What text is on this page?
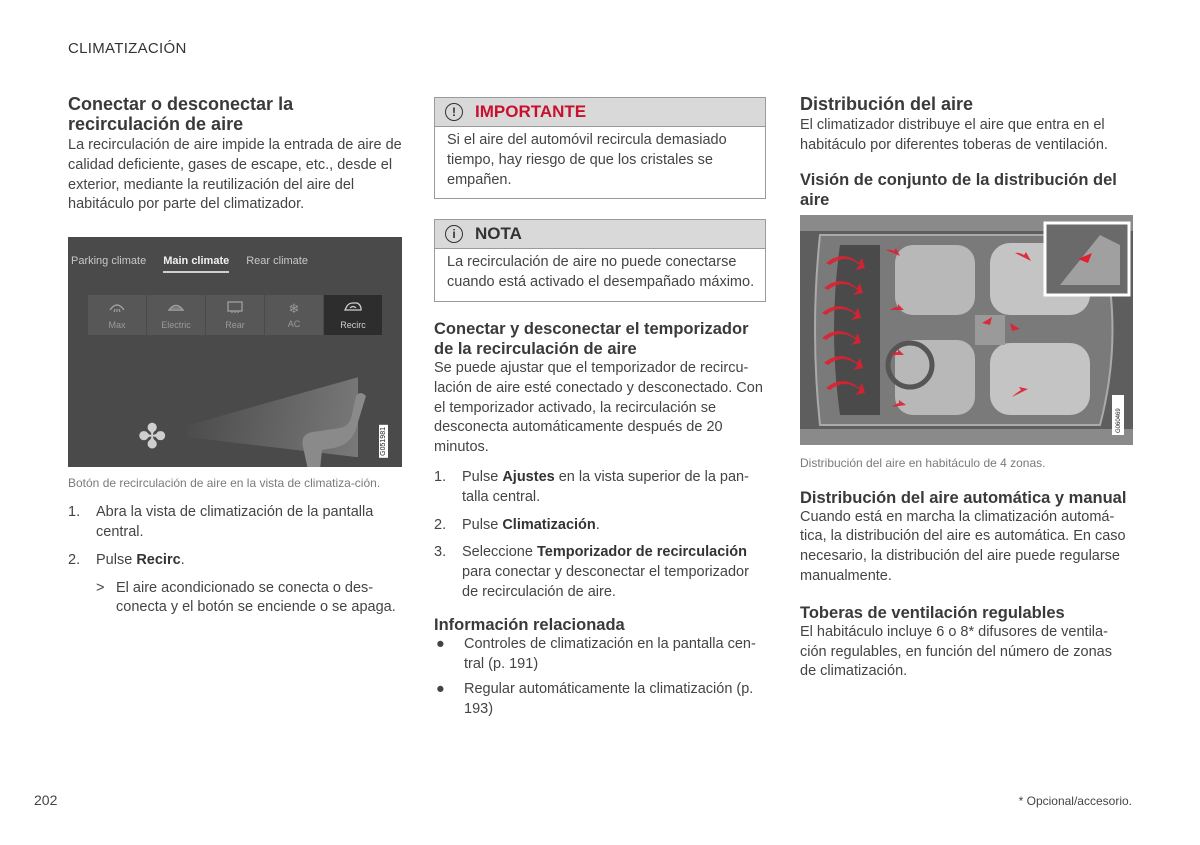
CLIMATIZACIÓN
Conectar o desconectar la recirculación de aire

La recirculación de aire impide la entrada de aire de calidad deficiente, gases de escape, etc., desde el exterior, mediante la reutilización del aire del habitáculo por parte del climatizador.

Parking climate Main climate Rear climate
Max	Electric	Rear
❄
AC	Recirc
✤	G051981
Botón de recirculación de aire en la vista de climatiza-ción.
1.	Abra la vista de climatización de la pantalla central.
2.	Pulse Recirc.
> El aire acondicionado se conecta o des-conecta y el botón se enciende o se apaga.
!	IMPORTANTE
Si el aire del automóvil recircula demasiado tiempo, hay riesgo de que los cristales se empañen.
i	NOTA
La recirculación de aire no puede conectarse cuando está activado el desempañado máximo.
Conectar y desconectar el temporizador de la recirculación de aire

Se puede ajustar que el temporizador de recircu-lación de aire esté conectado y desconectado. Con el temporizador activado, la recirculación se desconecta automáticamente después de 20 minutos.

1.	Pulse Ajustes en la vista superior de la pan-talla central.
2.	Pulse Climatización.
3.	Seleccione Temporizador de recirculación para conectar y desconectar el temporizador de recirculación de aire.
Información relacionada
●	Controles de climatización en la pantalla cen-tral (p. 191)
●	Regular automáticamente la climatización (p. 193)
Distribución del aire

El climatizador distribuye el aire que entra en el habitáculo por diferentes toberas de ventilación.

Visión de conjunto de la distribución del aire
G060469
Distribución del aire en habitáculo de 4 zonas.
Distribución del aire automática y manual

Cuando está en marcha la climatización automá-tica, la distribución del aire es automática. En caso necesario, la distribución del aire puede regularse manualmente.

Toberas de ventilación regulables

El habitáculo incluye 6 o 8* difusores de ventila-ción regulables, en función del número de zonas de climatización.

202	* Opcional/accesorio.
